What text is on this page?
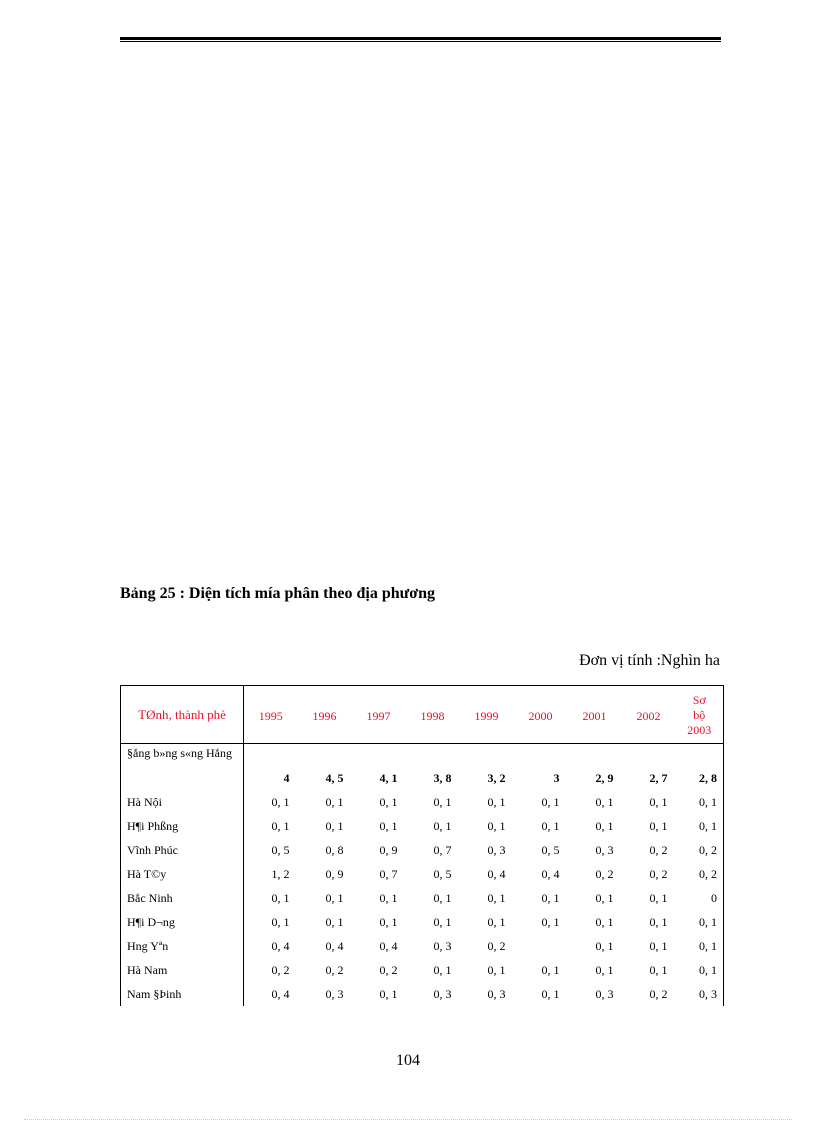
Bảng 25 : Diện tích mía phân theo địa phương
Đơn vị tính :Nghìn ha
TØnh, thành phè	1995	1996	1997	1998	1999	2000	2001	2002	Sơ
bộ
2003
§ắng b»ng s«ng Hắng	4	4, 5	4, 1	3, 8	3, 2	3	2, 9	2, 7	2, 8
Hà Nội	0, 1	0, 1	0, 1	0, 1	0, 1	0, 1	0, 1	0, 1	0, 1
H¶i Phßng	0, 1	0, 1	0, 1	0, 1	0, 1	0, 1	0, 1	0, 1	0, 1
Vĩnh Phúc	0, 5	0, 8	0, 9	0, 7	0, 3	0, 5	0, 3	0, 2	0, 2
Hà T©y	1, 2	0, 9	0, 7	0, 5	0, 4	0, 4	0, 2	0, 2	0, 2
Bắc Ninh	0, 1	0, 1	0, 1	0, 1	0, 1	0, 1	0, 1	0, 1	0
H¶i D¬ng	0, 1	0, 1	0, 1	0, 1	0, 1	0, 1	0, 1	0, 1	0, 1
Hng Yªn	0, 4	0, 4	0, 4	0, 3	0, 2		0, 1	0, 1	0, 1
Hà Nam	0, 2	0, 2	0, 2	0, 1	0, 1	0, 1	0, 1	0, 1	0, 1
Nam §Þinh	0, 4	0, 3	0, 1	0, 3	0, 3	0, 1	0, 3	0, 2	0, 3
104
